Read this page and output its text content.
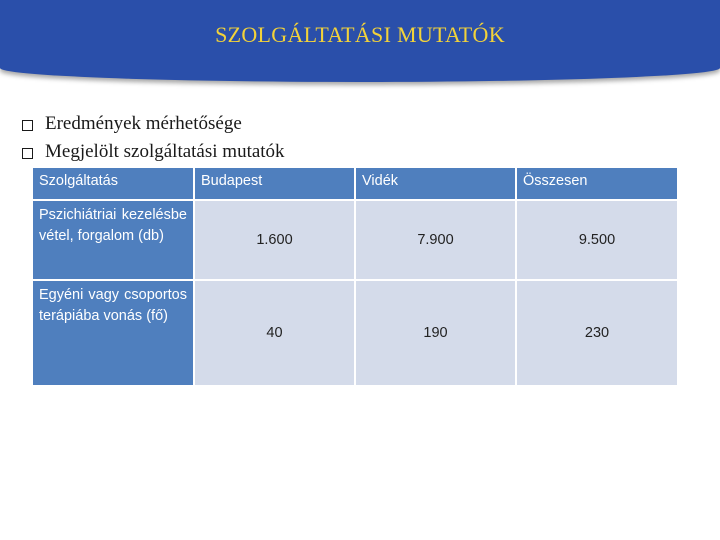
SZOLGÁLTATÁSI MUTATÓK
Eredmények mérhetősége
Megjelölt szolgáltatási mutatók
Szolgáltatás	Budapest	Vidék	Összesen
Pszichiátriai kezelésbe vétel, forgalom (db)	1.600	7.900	9.500
Egyéni vagy csoportos terápiába vonás (fő)	40	190	230
